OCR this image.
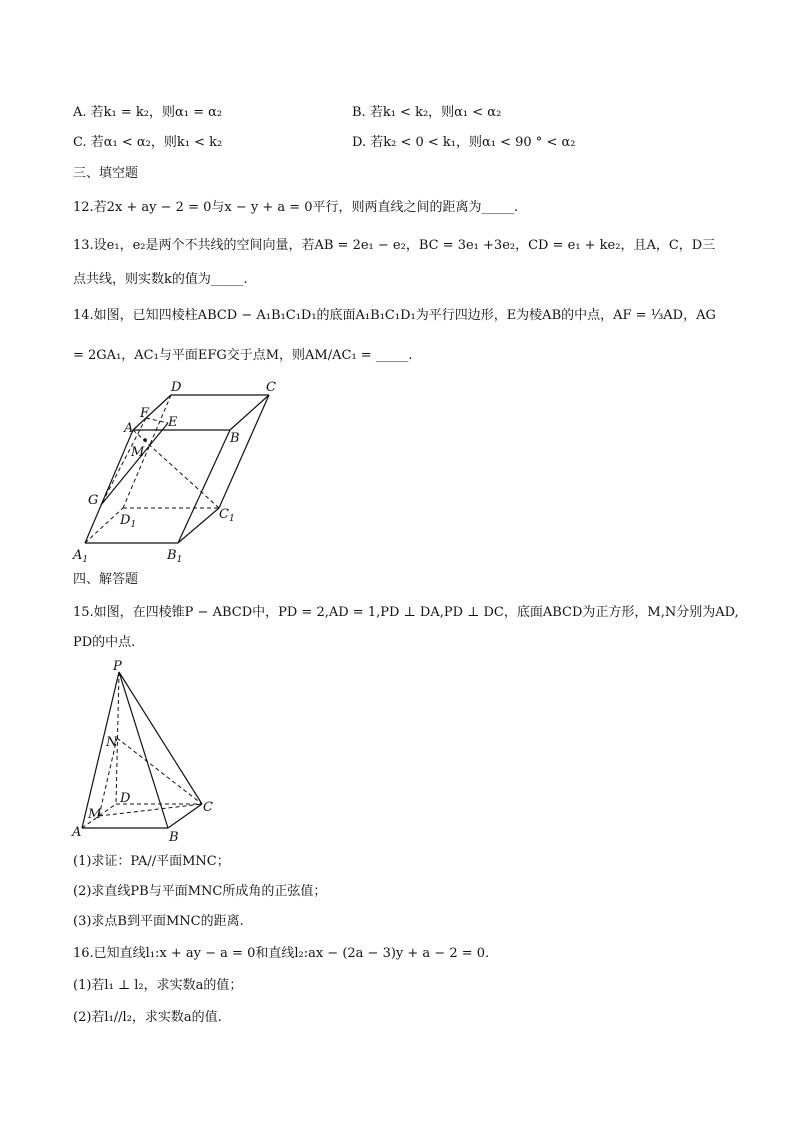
A. 若k₁ = k₂，则α₁ = α₂	B. 若k₁ < k₂，则α₁ < α₂
C. 若α₁ < α₂，则k₁ < k₂	D. 若k₂ < 0 < k₁，则α₁ < 90 ° < α₂
三、填空题
12.若2x + ay − 2 = 0与x − y + a = 0平行，则两直线之间的距离为_____.
13.设e₁，e₂是两个不共线的空间向量，若AB = 2e₁ − e₂，BC = 3e₁ +3e₂，CD = e₁ + ke₂，且A，C，D三
点共线，则实数k的值为_____.
14.如图，已知四棱柱ABCD − A₁B₁C₁D₁的底面A₁B₁C₁D₁为平行四边形，E为棱AB的中点，AF = ⅓AD，AG
= 2GA₁，AC₁与平面EFG交于点M，则AM/AC₁ = _____.
D	C
F
E
A
B
M
G
$D_1$
$C_1$
$A_1$	$B_1$
四、解答题
15.如图，在四棱锥P − ABCD中，PD = 2,AD = 1,PD ⊥ DA,PD ⊥ DC，底面ABCD为正方形，M,N分别为AD,
PD的中点.
P
N
D
M	C
A	B
(1)求证：PA//平面MNC；
(2)求直线PB与平面MNC所成角的正弦值；
(3)求点B到平面MNC的距离.
16.已知直线l₁:x + ay − a = 0和直线l₂:ax − (2a − 3)y + a − 2 = 0.
(1)若l₁ ⊥ l₂，求实数a的值；
(2)若l₁//l₂，求实数a的值.
